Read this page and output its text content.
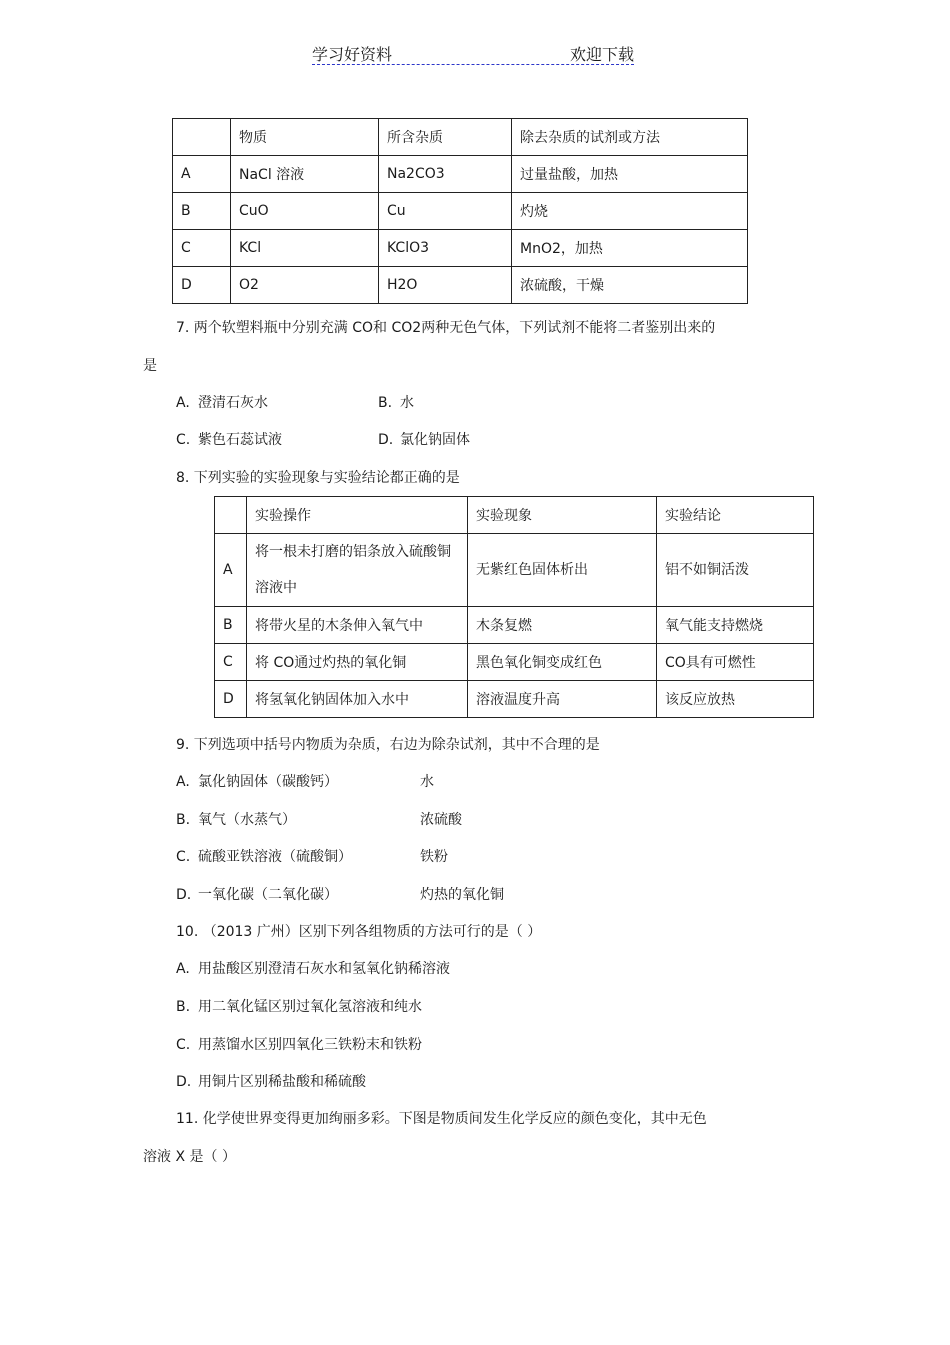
学习好资料	欢迎下载
	物质	所含杂质	除去杂质的试剂或方法
A	NaCl 溶液	Na2CO3	过量盐酸，加热
B	CuO	Cu	灼烧
C	KCl	KClO3	MnO2，加热
D	O2	H2O	浓硫酸，干燥
7. 两个软塑料瓶中分别充满 CO和 CO2两种无色气体，下列试剂不能将二者鉴别出来的
是
A. 澄清石灰水	B. 水
C. 紫色石蕊试液	D. 氯化钠固体
8. 下列实验的实验现象与实验结论都正确的是
	实验操作	实验现象	实验结论
A	将一根未打磨的铝条放入硫酸铜溶液中	无紫红色固体析出	铝不如铜活泼
B	将带火星的木条伸入氧气中	木条复燃	氧气能支持燃烧
C	将 CO通过灼热的氧化铜	黑色氧化铜变成红色	CO具有可燃性
D	将氢氧化钠固体加入水中	溶液温度升高	该反应放热
9. 下列选项中括号内物质为杂质，右边为除杂试剂，其中不合理的是
A. 氯化钠固体（碳酸钙）	水
B. 氧气（水蒸气）	浓硫酸
C. 硫酸亚铁溶液（硫酸铜）	铁粉
D. 一氧化碳（二氧化碳）	灼热的氧化铜
10. （2013 广州）区别下列各组物质的方法可行的是（ ）
A. 用盐酸区别澄清石灰水和氢氧化钠稀溶液
B. 用二氧化锰区别过氧化氢溶液和纯水
C. 用蒸馏水区别四氧化三铁粉末和铁粉
D. 用铜片区别稀盐酸和稀硫酸
11. 化学使世界变得更加绚丽多彩。下图是物质间发生化学反应的颜色变化，其中无色
溶液 X 是（ ）
